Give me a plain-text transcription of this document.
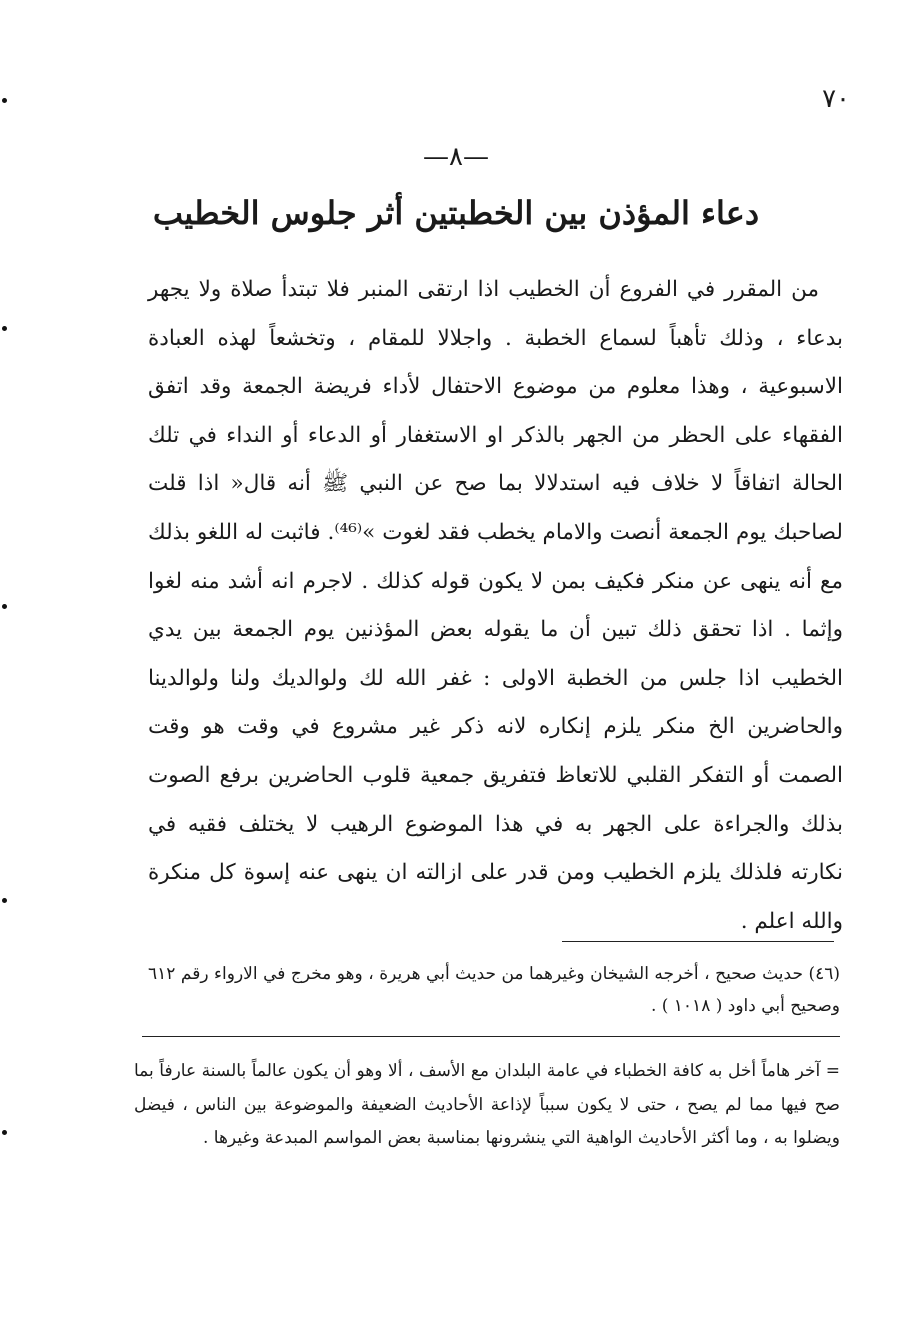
٧٠
—٨—
دعاء المؤذن بين الخطبتين أثر جلوس الخطيب

من المقرر في الفروع أن الخطيب اذا ارتقى المنبر فلا تبتدأ صلاة ولا يجهر بدعاء ، وذلك تأهباً لسماع الخطبة . واجلالا للمقام ، وتخشعاً لهذه العبادة الاسبوعية ، وهذا معلوم من موضوع الاحتفال لأداء فريضة الجمعة وقد اتفق الفقهاء على الحظر من الجهر بالذكر او الاستغفار أو الدعاء أو النداء في تلك الحالة اتفاقاً لا خلاف فيه استدلالا بما صح عن النبي ﷺ أنه قال« اذا قلت لصاحبك يوم الجمعة أنصت والامام يخطب فقد لغوت »⁽⁴⁶⁾. فاثبت له اللغو بذلك مع أنه ينهى عن منكر فكيف بمن لا يكون قوله كذلك . لاجرم انه أشد منه لغوا وإثما . اذا تحقق ذلك تبين أن ما يقوله بعض المؤذنين يوم الجمعة بين يدي الخطيب اذا جلس من الخطبة الاولى : غفر الله لك ولوالديك ولنا ولوالدينا والحاضرين الخ منكر يلزم إنكاره لانه ذكر غير مشروع في وقت هو وقت الصمت أو التفكر القلبي للاتعاظ فتفريق جمعية قلوب الحاضرين برفع الصوت بذلك والجراءة على الجهر به في هذا الموضوع الرهيب لا يختلف فقيه في نكارته فلذلك يلزم الخطيب ومن قدر على ازالته ان ينهى عنه إسوة كل منكرة والله اعلم .

(٤٦) حديث صحيح ، أخرجه الشيخان وغيرهما من حديث أبي هريرة ، وهو مخرج في الارواء رقم ٦١٢ وصحيح أبي داود ( ١٠١٨ ) .

= آخر هاماً أخل به كافة الخطباء في عامة البلدان مع الأسف ، ألا وهو أن يكون عالماً بالسنة عارفاً بما صح فيها مما لم يصح ، حتى لا يكون سبباً لإذاعة الأحاديث الضعيفة والموضوعة بين الناس ، فيضل ويضلوا به ، وما أكثر الأحاديث الواهية التي ينشرونها بمناسبة بعض المواسم المبدعة وغيرها .
